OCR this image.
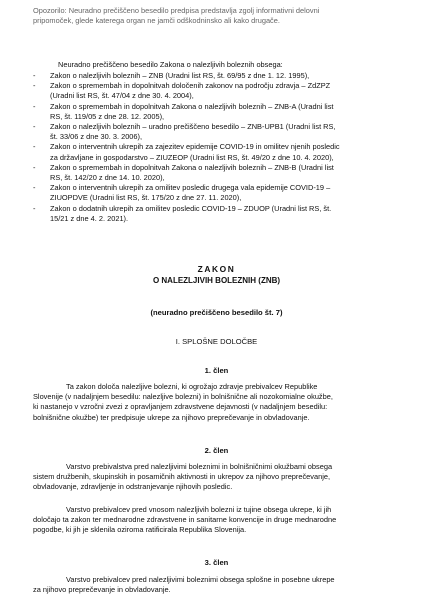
Opozorilo: Neuradno prečiščeno besedilo predpisa predstavlja zgolj informativni delovni
pripomoček, glede katerega organ ne jamči odškodninsko ali kako drugače.
Neuradno prečiščeno besedilo Zakona o nalezljivih boleznih obsega:
- Zakon o nalezljivih boleznih – ZNB (Uradni list RS, št. 69/95 z dne 1. 12. 1995),
- Zakon o spremembah in dopolnitvah določenih zakonov na področju zdravja – ZdZPZ
(Uradni list RS, št. 47/04 z dne 30. 4. 2004),
- Zakon o spremembah in dopolnitvah Zakona o nalezljivih boleznih – ZNB-A (Uradni list
RS, št. 119/05 z dne 28. 12. 2005),
- Zakon o nalezljivih boleznih – uradno prečiščeno besedilo – ZNB-UPB1 (Uradni list RS,
št. 33/06 z dne 30. 3. 2006),
- Zakon o interventnih ukrepih za zajezitev epidemije COVID-19 in omilitev njenih posledic
za državljane in gospodarstvo – ZIUZEOP (Uradni list RS, št. 49/20 z dne 10. 4. 2020),
- Zakon o spremembah in dopolnitvah Zakona o nalezljivih boleznih – ZNB-B (Uradni list
RS, št. 142/20 z dne 14. 10. 2020),
- Zakon o interventnih ukrepih za omilitev posledic drugega vala epidemije COVID-19 –
ZIUOPDVE (Uradni list RS, št. 175/20 z dne 27. 11. 2020),
- Zakon o dodatnih ukrepih za omilitev posledic COVID-19 – ZDUOP (Uradni list RS, št.
15/21 z dne 4. 2. 2021).
ZAKON
O NALEZLJIVIH BOLEZNIH (ZNB)
(neuradno prečiščeno besedilo št. 7)
I. SPLOŠNE DOLOČBE
1. člen
Ta zakon določa nalezljive bolezni, ki ogrožajo zdravje prebivalcev Republike
Slovenije (v nadaljnjem besedilu: nalezljive bolezni) in bolnišnične ali nozokomialne okužbe,
ki nastanejo v vzročni zvezi z opravljanjem zdravstvene dejavnosti (v nadaljnjem besedilu:
bolnišnične okužbe) ter predpisuje ukrepe za njihovo preprečevanje in obvladovanje.
2. člen
Varstvo prebivalstva pred nalezljivimi boleznimi in bolnišničnimi okužbami obsega
sistem družbenih, skupinskih in posamičnih aktivnosti in ukrepov za njihovo preprečevanje,
obvladovanje, zdravljenje in odstranjevanje njihovih posledic.
Varstvo prebivalcev pred vnosom nalezljivih bolezni iz tujine obsega ukrepe, ki jih
določajo ta zakon ter mednarodne zdravstvene in sanitarne konvencije in druge mednarodne
pogodbe, ki jih je sklenila oziroma ratificirala Republika Slovenija.
3. člen
Varstvo prebivalcev pred nalezljivimi boleznimi obsega splošne in posebne ukrepe
za njihovo preprečevanje in obvladovanje.
